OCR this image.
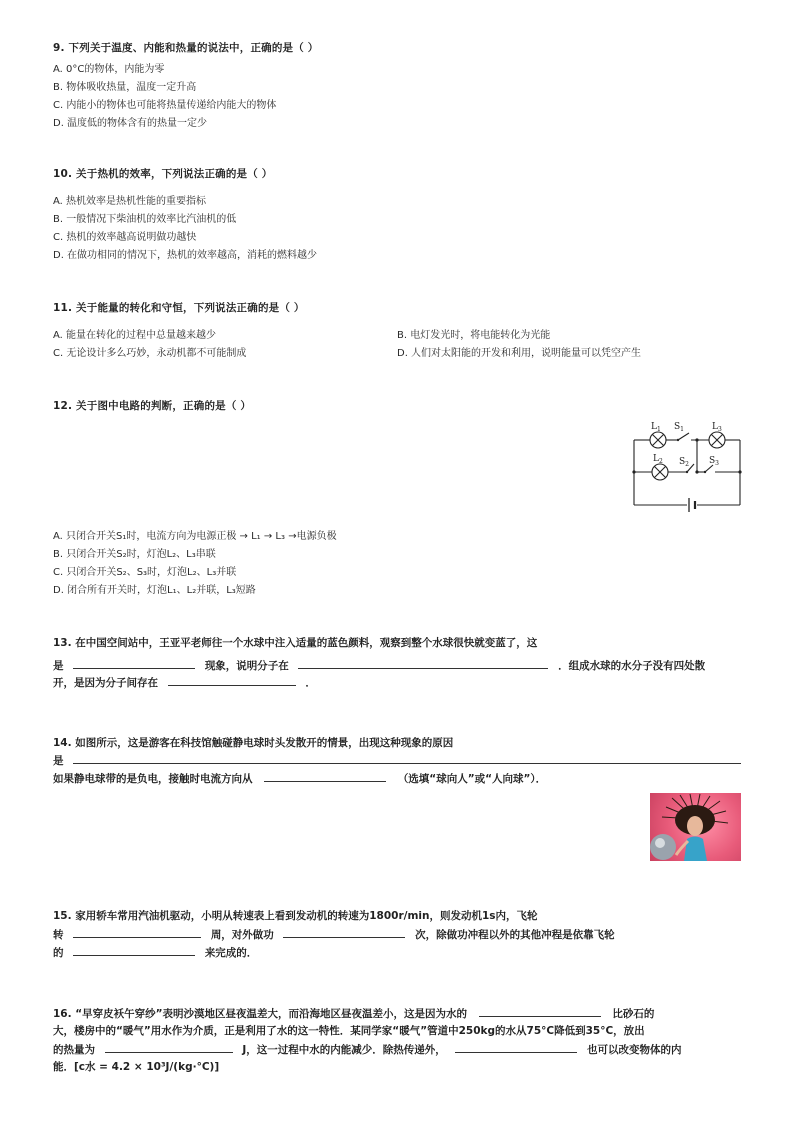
9. 下列关于温度、内能和热量的说法中，正确的是（ ）
A. 0°C的物体，内能为零
B. 物体吸收热量，温度一定升高
C. 内能小的物体也可能将热量传递给内能大的物体
D. 温度低的物体含有的热量一定少
10. 关于热机的效率，下列说法正确的是（ ）
A. 热机效率是热机性能的重要指标
B. 一般情况下柴油机的效率比汽油机的低
C. 热机的效率越高说明做功越快
D. 在做功相同的情况下，热机的效率越高，消耗的燃料越少
11. 关于能量的转化和守恒，下列说法正确的是（ ）
A. 能量在转化的过程中总量越来越少	B. 电灯发光时，将电能转化为光能
C. 无论设计多么巧妙，永动机都不可能制成	D. 人们对太阳能的开发和利用，说明能量可以凭空产生
12. 关于图中电路的判断，正确的是（ ）
$L_1$ $S_1$	$L_3$
$L_2$ $S_2$ $S_3$
A. 只闭合开关S₁时，电流方向为电源正极 → L₁ → L₃ →电源负极
B. 只闭合开关S₂时，灯泡L₂、L₃串联
C. 只闭合开关S₂、S₃时，灯泡L₂、L₃并联
D. 闭合所有开关时，灯泡L₁、L₂并联，L₃短路
13. 在中国空间站中，王亚平老师往一个水球中注入适量的蓝色颜料，观察到整个水球很快就变蓝了，这
是	现象，说明分子在	．组成水球的水分子没有四处散
开，是因为分子间存在	．
14. 如图所示，这是游客在科技馆触碰静电球时头发散开的情景，出现这种现象的原因
是
如果静电球带的是负电，接触时电流方向从	（选填“球向人”或“人向球”）．
15. 家用轿车常用汽油机驱动，小明从转速表上看到发动机的转速为1800r/min，则发动机1s内，飞轮
转	周，对外做功	次，除做功冲程以外的其他冲程是依靠飞轮
的	来完成的．
16. “早穿皮袄午穿纱”表明沙漠地区昼夜温差大，而沿海地区昼夜温差小，这是因为水的	比砂石的
大，楼房中的“暖气”用水作为介质，正是利用了水的这一特性．某同学家“暖气”管道中250kg的水从75°C降低到35°C，放出
的热量为	J，这一过程中水的内能减少．除热传递外，	也可以改变物体的内
能．[c水 = 4.2 × 10³J/(kg·°C)]
